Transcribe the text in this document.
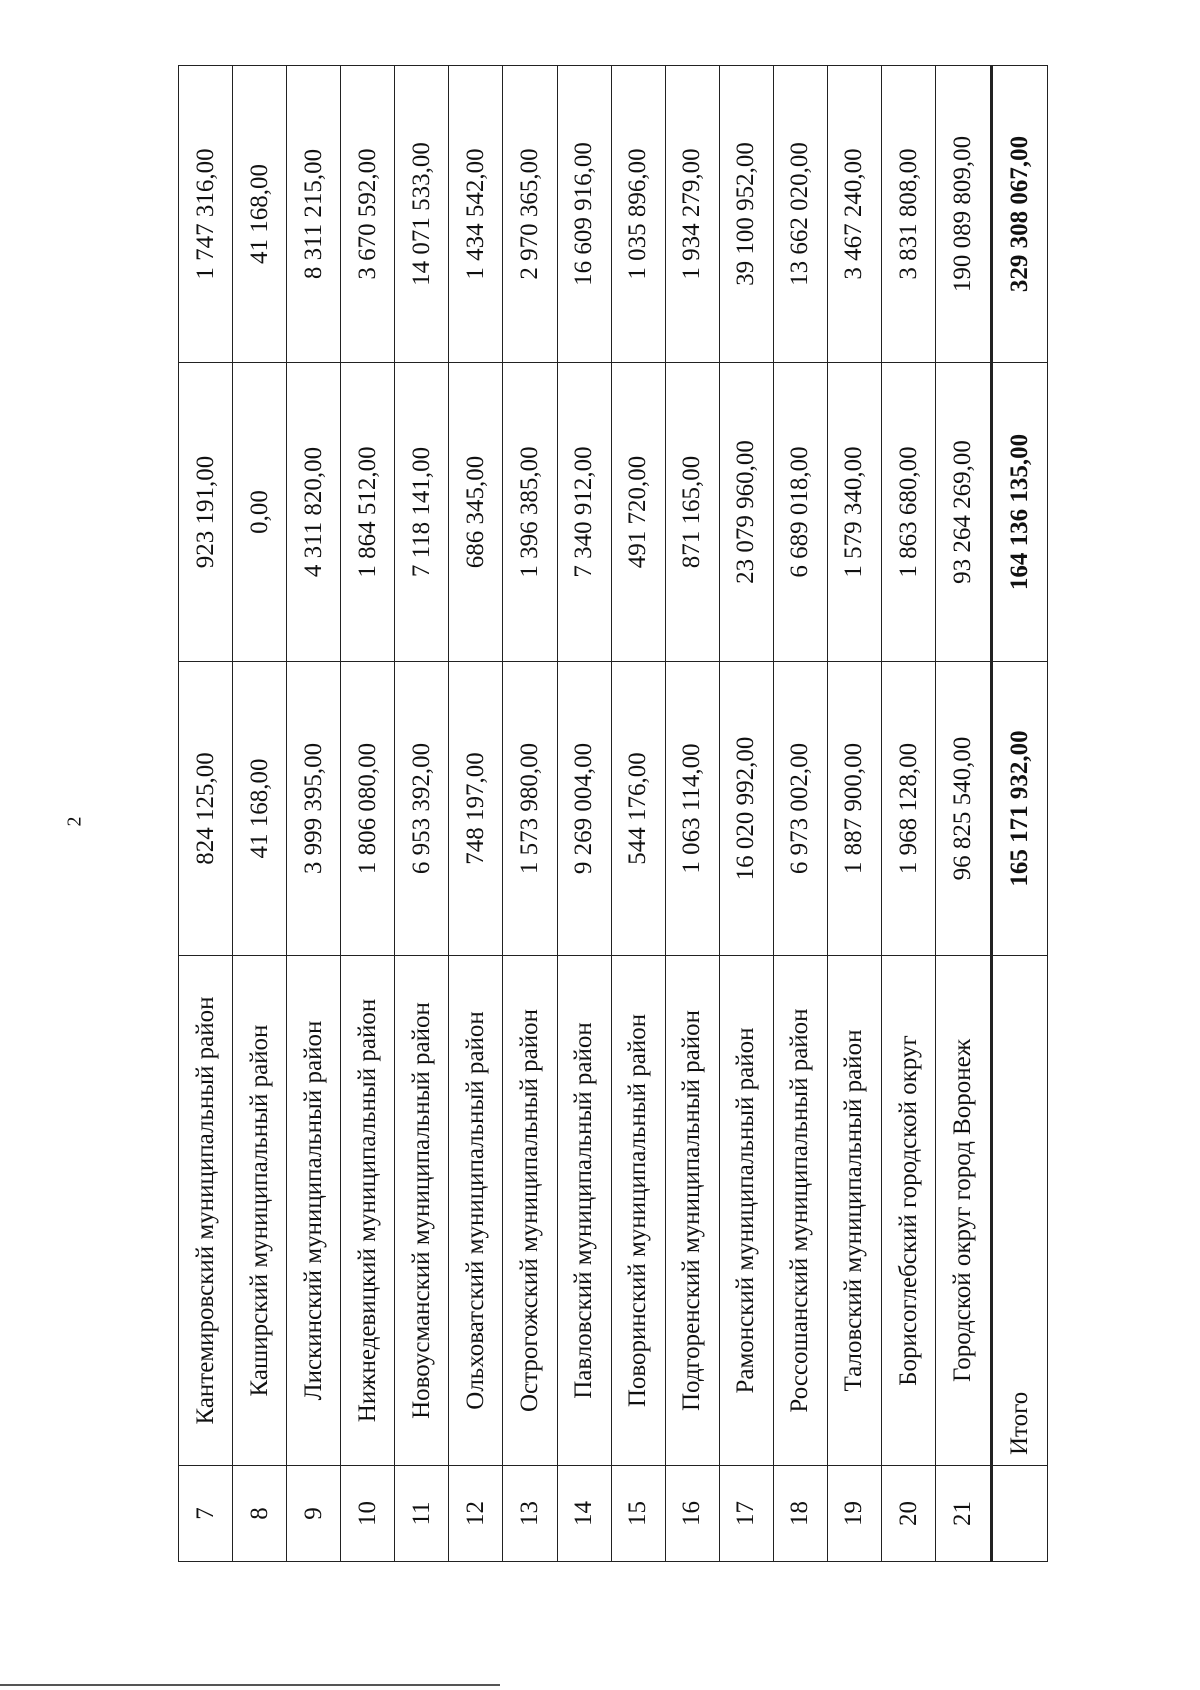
2
7	Кантемировский муниципальный район	824 125,00	923 191,00	1 747 316,00
8	Каширский муниципальный район	41 168,00	0,00	41 168,00
9	Лискинский муниципальный район	3 999 395,00	4 311 820,00	8 311 215,00
10	Нижнедевицкий муниципальный район	1 806 080,00	1 864 512,00	3 670 592,00
11	Новоусманский муниципальный район	6 953 392,00	7 118 141,00	14 071 533,00
12	Ольховатский муниципальный район	748 197,00	686 345,00	1 434 542,00
13	Острогожский муниципальный район	1 573 980,00	1 396 385,00	2 970 365,00
14	Павловский муниципальный район	9 269 004,00	7 340 912,00	16 609 916,00
15	Поворинский муниципальный район	544 176,00	491 720,00	1 035 896,00
16	Подгоренский муниципальный район	1 063 114,00	871 165,00	1 934 279,00
17	Рамонский муниципальный район	16 020 992,00	23 079 960,00	39 100 952,00
18	Россошанский муниципальный район	6 973 002,00	6 689 018,00	13 662 020,00
19	Таловский муниципальный район	1 887 900,00	1 579 340,00	3 467 240,00
20	Борисоглебский городской округ	1 968 128,00	1 863 680,00	3 831 808,00
21	Городской округ город Воронеж	96 825 540,00	93 264 269,00	190 089 809,00
	Итого	165 171 932,00	164 136 135,00	329 308 067,00
